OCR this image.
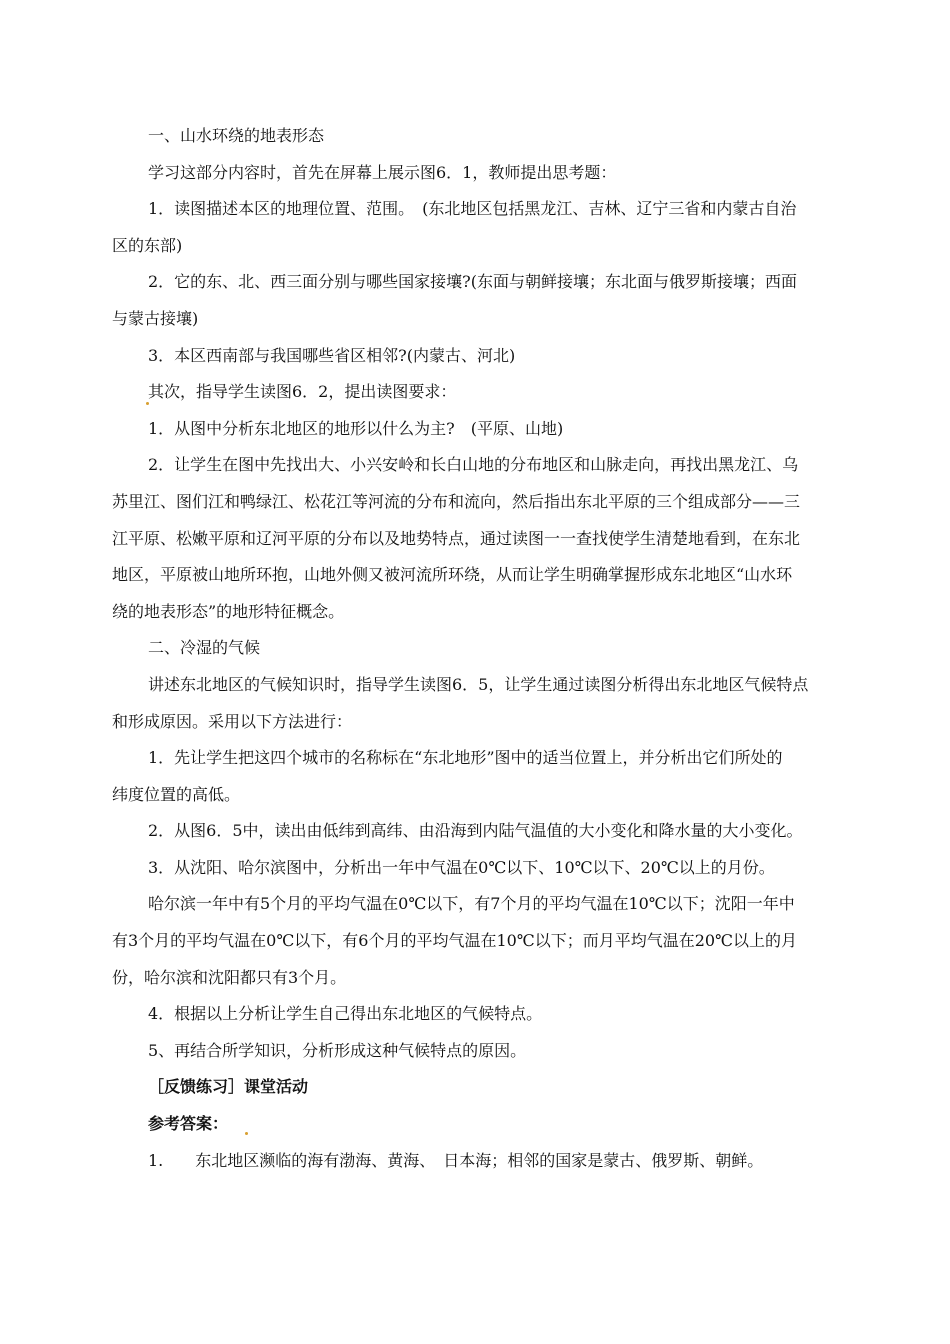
一、山水环绕的地表形态
学习这部分内容时，首先在屏幕上展示图6．1，教师提出思考题：
1．读图描述本区的地理位置、范围。　(东北地区包括黑龙江、吉林、辽宁三省和内蒙古自治
区的东部)
2．它的东、北、西三面分别与哪些国家接壤?(东面与朝鲜接壤；东北面与俄罗斯接壤；西面
与蒙古接壤)
3．本区西南部与我国哪些省区相邻?(内蒙古、河北)
其次，指导学生读图6．2，提出读图要求：
1．从图中分析东北地区的地形以什么为主?　(平原、山地)
2．让学生在图中先找出大、小兴安岭和长白山地的分布地区和山脉走向，再找出黑龙江、乌
苏里江、图们江和鸭绿江、松花江等河流的分布和流向，然后指出东北平原的三个组成部分——三
江平原、松嫩平原和辽河平原的分布以及地势特点，通过读图一一查找使学生清楚地看到，在东北
地区，平原被山地所环抱，山地外侧又被河流所环绕，从而让学生明确掌握形成东北地区“山水环
绕的地表形态”的地形特征概念。
二、冷湿的气候
讲述东北地区的气候知识时，指导学生读图6．5，让学生通过读图分析得出东北地区气候特点
和形成原因。采用以下方法进行：
1．先让学生把这四个城市的名称标在“东北地形”图中的适当位置上，并分析出它们所处的
纬度位置的高低。
2．从图6．5中，读出由低纬到高纬、由沿海到内陆气温值的大小变化和降水量的大小变化。
3．从沈阳、哈尔滨图中，分析出一年中气温在0℃以下、10℃以下、20℃以上的月份。
哈尔滨一年中有5个月的平均气温在0℃以下，有7个月的平均气温在10℃以下；沈阳一年中
有3个月的平均气温在0℃以下，有6个月的平均气温在10℃以下；而月平均气温在20℃以上的月
份，哈尔滨和沈阳都只有3个月。
4．根据以上分析让学生自己得出东北地区的气候特点。
5、再结合所学知识，分析形成这种气候特点的原因。
［反馈练习］课堂活动
参考答案：
1.　　东北地区濒临的海有渤海、黄海、　日本海；相邻的国家是蒙古、俄罗斯、朝鲜。
